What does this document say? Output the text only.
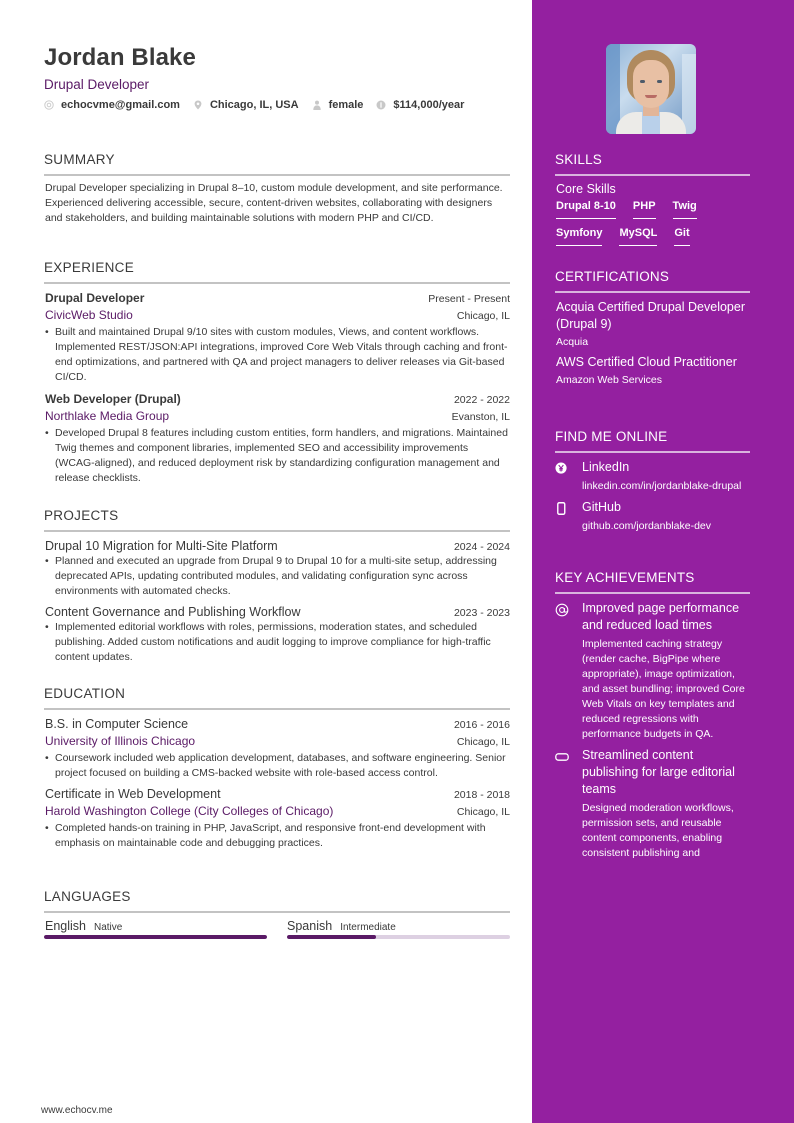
Jordan Blake
Drupal Developer
echocvme@gmail.com	Chicago, IL, USA	female	$114,000/year
SUMMARY
Drupal Developer specializing in Drupal 8–10, custom module development, and site performance. Experienced delivering accessible, secure, content-driven websites, collaborating with designers and stakeholders, and building maintainable solutions with modern PHP and CI/CD.
EXPERIENCE
Drupal Developer	Present - Present
CivicWeb Studio	Chicago, IL
• Built and maintained Drupal 9/10 sites with custom modules, Views, and content workflows. Implemented REST/JSON:API integrations, improved Core Web Vitals through caching and front-end optimizations, and partnered with QA and project managers to deliver releases via Git-based CI/CD.
Web Developer (Drupal)	2022 - 2022
Northlake Media Group	Evanston, IL
• Developed Drupal 8 features including custom entities, form handlers, and migrations. Maintained Twig themes and component libraries, implemented SEO and accessibility improvements (WCAG-aligned), and reduced deployment risk by standardizing configuration management and release checklists.
PROJECTS
Drupal 10 Migration for Multi-Site Platform	2024 - 2024
• Planned and executed an upgrade from Drupal 9 to Drupal 10 for a multi-site setup, addressing deprecated APIs, updating contributed modules, and validating configuration sync across environments with automated checks.
Content Governance and Publishing Workflow	2023 - 2023
• Implemented editorial workflows with roles, permissions, moderation states, and scheduled publishing. Added custom notifications and audit logging to improve compliance for high-traffic content updates.
EDUCATION
B.S. in Computer Science	2016 - 2016
University of Illinois Chicago	Chicago, IL
• Coursework included web application development, databases, and software engineering. Senior project focused on building a CMS-backed website with role-based access control.
Certificate in Web Development	2018 - 2018
Harold Washington College (City Colleges of Chicago)	Chicago, IL
• Completed hands-on training in PHP, JavaScript, and responsive front-end development with emphasis on maintainable code and debugging practices.
LANGUAGES
English Native	Spanish Intermediate
www.echocv.me
SKILLS
Core Skills
Drupal 8-10 PHP Twig
Symfony MySQL Git
CERTIFICATIONS
Acquia Certified Drupal Developer (Drupal 9)
Acquia
AWS Certified Cloud Practitioner
Amazon Web Services
FIND ME ONLINE
LinkedIn
linkedin.com/in/jordanblake-drupal
GitHub
github.com/jordanblake-dev
KEY ACHIEVEMENTS
Improved page performance and reduced load times
Implemented caching strategy (render cache, BigPipe where appropriate), image optimization, and asset bundling; improved Core Web Vitals on key templates and reduced regressions with performance budgets in QA.
Streamlined content publishing for large editorial teams
Designed moderation workflows, permission sets, and reusable content components, enabling consistent publishing and
